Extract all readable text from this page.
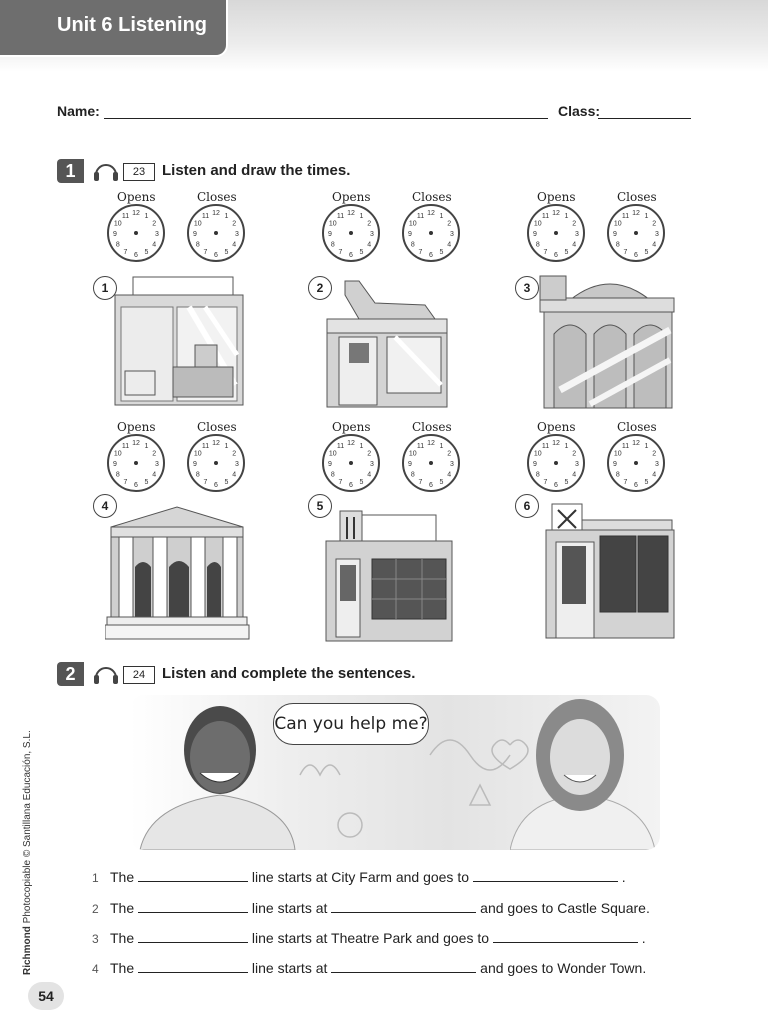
Unit 6 Listening
Name:	Class:
1	23	Listen and draw the times.
Opens
12 1
2
3
4
5
6
7
8
9
10
11
Closes
12 1
2
3
4
5
6
7
8
9
10
11
Opens
12 1
2
3
4
5
6
7
8
9
10
11
Closes
12 1
2
3
4
5
6
7
8
9
10
11
Opens
12 1
2
3
4
5
6
7
8
9
10
11
Closes
12 1
2
3
4
5
6
7
8
9
10
11
Opens
12 1
2
3
4
5
6
7
8
9
10
11
Closes
12 1
2
3
4
5
6
7
8
9
10
11
Opens
12 1
2
3
4
5
6
7
8
9
10
11
Closes
12 1
2
3
4
5
6
7
8
9
10
11
Opens
12 1
2
3
4
5
6
7
8
9
10
11
Closes
12 1
2
3
4
5
6
7
8
9
10
11
1	2	3
4	5	6
2	24	Listen and complete the sentences.
Can you help me?
1 The	line starts at City Farm and goes to	.
2 The	line starts at	and goes to Castle Square.
3 The	line starts at Theatre Park and goes to	.
4 The	line starts at	and goes to Wonder Town.
Richmond Photocopiable © Santillana Educación, S.L.
54
